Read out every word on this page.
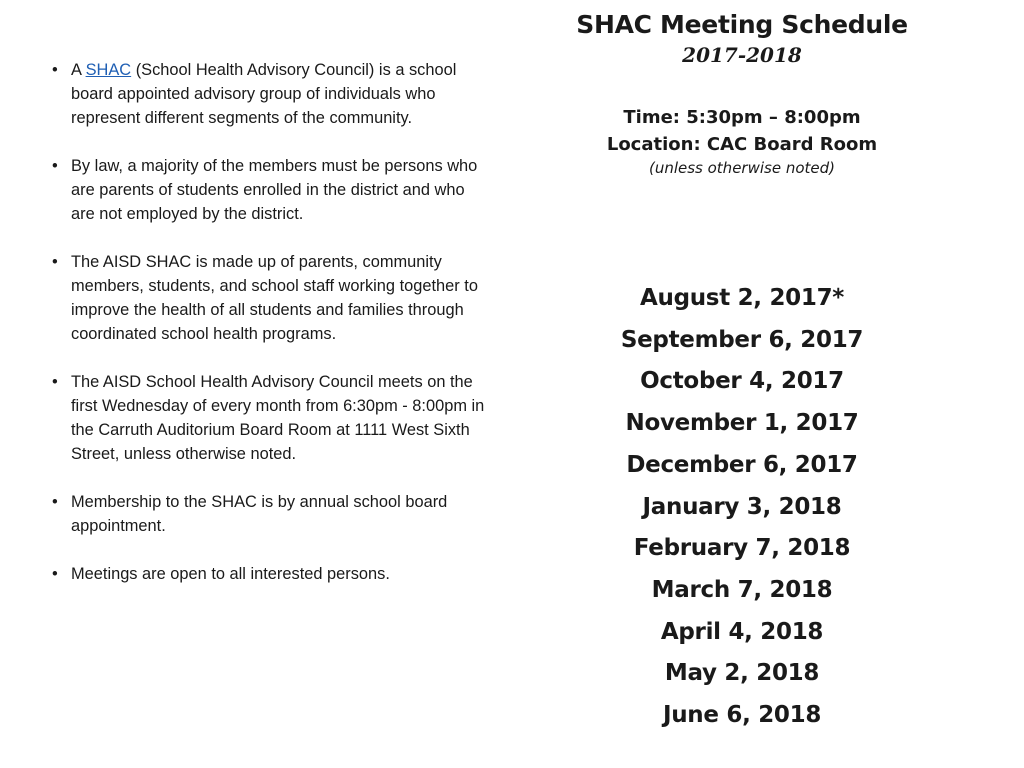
• A SHAC (School Health Advisory Council) is a school board appointed advisory group of individuals who represent different segments of the community.
• By law, a majority of the members must be persons who are parents of students enrolled in the district and who are not employed by the district.
• The AISD SHAC is made up of parents, community members, students, and school staff working together to improve the health of all students and families through coordinated school health programs.
• The AISD School Health Advisory Council meets on the first Wednesday of every month from 6:30pm - 8:00pm in the Carruth Auditorium Board Room at 1111 West Sixth Street, unless otherwise noted.
• Membership to the SHAC is by annual school board appointment.
• Meetings are open to all interested persons.
SHAC Meeting Schedule
2017-2018
Time: 5:30pm – 8:00pm
Location: CAC Board Room
(unless otherwise noted)
August 2, 2017*
September 6, 2017
October 4, 2017
November 1, 2017
December 6, 2017
January 3, 2018
February 7, 2018
March 7, 2018
April 4, 2018
May 2, 2018
June 6, 2018
